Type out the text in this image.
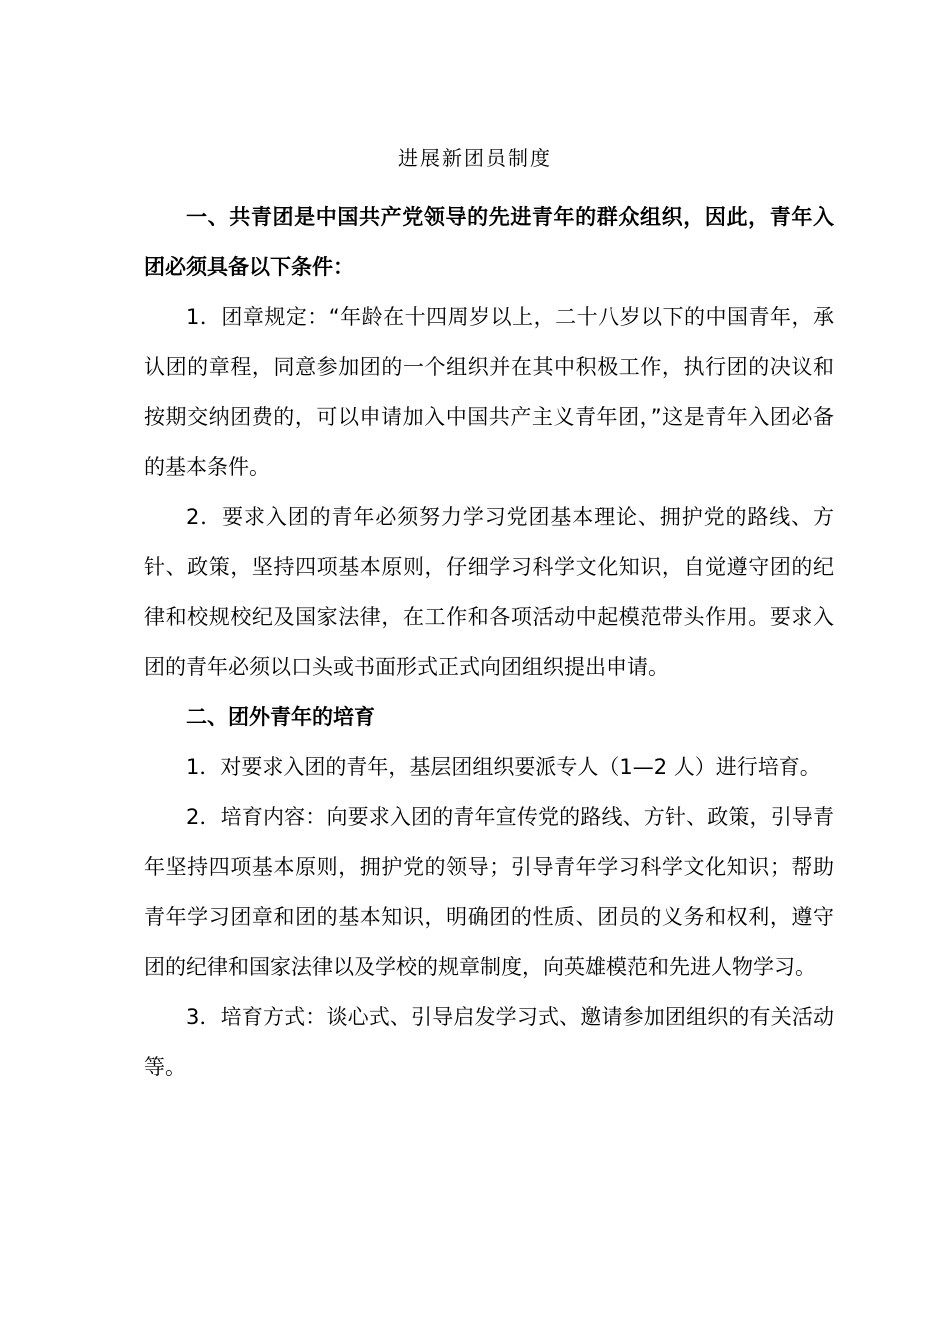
进展新团员制度

一、共青团是中国共产党领导的先进青年的群众组织，因此，青年入团必须具备以下条件：

1．团章规定：“年龄在十四周岁以上，二十八岁以下的中国青年，承认团的章程，同意参加团的一个组织并在其中积极工作，执行团的决议和按期交纳团费的，可以申请加入中国共产主义青年团，”这是青年入团必备的基本条件。

2．要求入团的青年必须努力学习党团基本理论、拥护党的路线、方针、政策，坚持四项基本原则，仔细学习科学文化知识，自觉遵守团的纪律和校规校纪及国家法律，在工作和各项活动中起模范带头作用。要求入团的青年必须以口头或书面形式正式向团组织提出申请。

二、团外青年的培育

1．对要求入团的青年，基层团组织要派专人（1—2 人）进行培育。

2．培育内容：向要求入团的青年宣传党的路线、方针、政策，引导青年坚持四项基本原则，拥护党的领导；引导青年学习科学文化知识；帮助青年学习团章和团的基本知识，明确团的性质、团员的义务和权利，遵守团的纪律和国家法律以及学校的规章制度，向英雄模范和先进人物学习。

3．培育方式：谈心式、引导启发学习式、邀请参加团组织的有关活动等。
